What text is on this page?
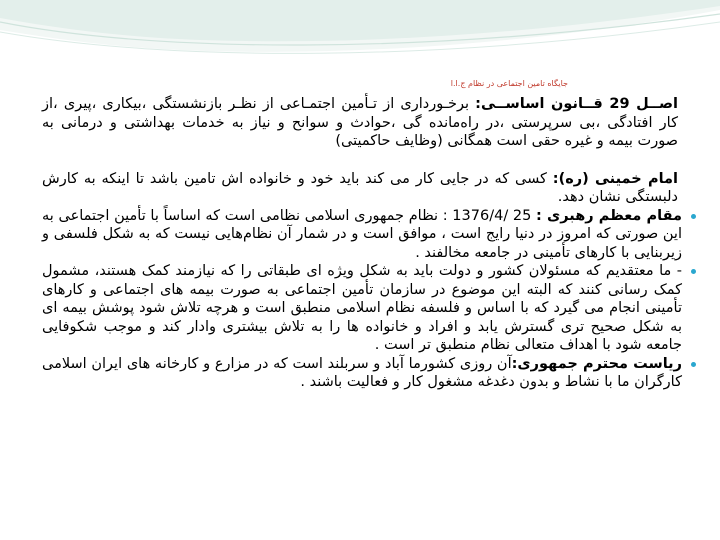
جایگاه تامین اجتماعی در نظام ج.ا.ا

اصــل 29 قــانون اساســی: برخـورداری از تـأمین اجتمـاعی از نظـر بازنشستگی ،بیکاری ،پیری ،از کار افتادگی ،بی سرپرستی ،در راه‌مانده گی ،حوادث و سوانح و نیاز به خدمات بهداشتی و درمانی به صورت بیمه و غیره حقی است همگانی (وظایف حاکمیتی)

امام خمینی (ره): کسی که در جایی کار می کند باید خود و خانواده اش تامین باشد تا اینکه به کارش دلبستگی نشان دهد.

مقام معظم رهبری : 25 /1376/4 : نظام جمهوری اسلامی نظامی است که اساساً با تأمین اجتماعی به این صورتی که امروز در دنیا رایج است ، موافق است و در شمار آن نظام‌هایی نیست که به شکل فلسفی و زیربنایی با کارهای تأمینی در جامعه مخالفند .

- ما معتقدیم که مسئولان کشور و دولت باید به شکل ویژه ای طبقاتی را که نیازمند کمک هستند، مشمول کمک رسانی کنند که البته این موضوع در سازمان تأمین اجتماعی به صورت بیمه های اجتماعی و کارهای تأمینی انجام می گیرد که با اساس و فلسفه نظام اسلامی منطبق است و هرچه تلاش شود پوشش بیمه ای به شکل صحیح تری گسترش یابد و افراد و خانواده ها را به تلاش بیشتری وادار کند و موجب شکوفایی جامعه شود با اهداف متعالی نظام منطبق تر است .

ریاست محترم جمهوری:آن روزی کشورما آباد و سربلند است که در مزارع و کارخانه های ایران اسلامی کارگران ما با نشاط و بدون دغدغه مشغول کار و فعالیت باشند .
